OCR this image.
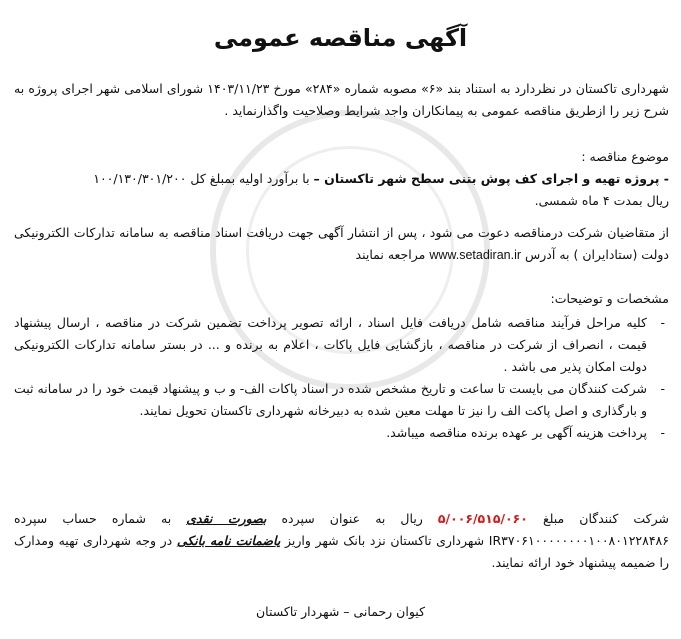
آگهی مناقصه عمومی
شهرداری تاکستان در نظردارد به استناد بند «۶» مصوبه شماره «۲۸۴» مورخ ۱۴۰۳/۱۱/۲۳ شورای اسلامی شهر اجرای پروژه به شرح زیر را ازطریق مناقصه عمومی به پیمانکاران واجد شرایط وصلاحیت واگذارنماید .
موضوع مناقصه :
- پروژه تهیه و اجرای کف پوش بتنی سطح شهر تاکستان – با برآورد اولیه بمبلغ کل ۱۰۰/۱۳۰/۳۰۱/۲۰۰
ریال بمدت ۴ ماه شمسی.
از متقاضیان شرکت درمناقصه دعوت می شود ، پس از انتشار آگهی جهت دریافت اسناد مناقصه به سامانه تدارکات الکترونیکی دولت (ستادایران ) به آدرس www.setadiran.ir مراجعه نمایند
مشخصات و توضیحات:
- کلیه مراحل فرآیند مناقصه شامل دریافت فایل اسناد ، ارائه تصویر پرداخت تضمین شرکت در مناقصه ، ارسال پیشنهاد قیمت ، انصراف از شرکت در مناقصه ، بازگشایی فایل پاکات ، اعلام به برنده و ... در بستر سامانه تدارکات الکترونیکی دولت امکان پذیر می باشد .
- شرکت کنندگان می بایست تا ساعت و تاریخ مشخص شده در اسناد پاکات الف- و ب و پیشنهاد قیمت خود را در سامانه ثبت و بارگذاری و اصل پاکت الف را نیز تا مهلت معین شده به دبیرخانه شهرداری تاکستان تحویل نمایند.
- پرداخت هزینه آگهی بر عهده برنده مناقصه میباشد.
شرکت کنندگان مبلغ ۵/۰۰۶/۵۱۵/۰۶۰ ریال به عنوان سپرده بصورت نقدی به شماره حساب سپرده IR۳۷۰۶۱۰۰۰۰۰۰۰۰۱۰۰۸۰۱۲۲۸۴۸۶ شهرداری تاکستان نزد بانک شهر واریز یاضمانت نامه بانکی در وجه شهرداری تهیه ومدارک را ضمیمه پیشنهاد خود ارائه نمایند.
کیوان رحمانی – شهردار تاکستان
